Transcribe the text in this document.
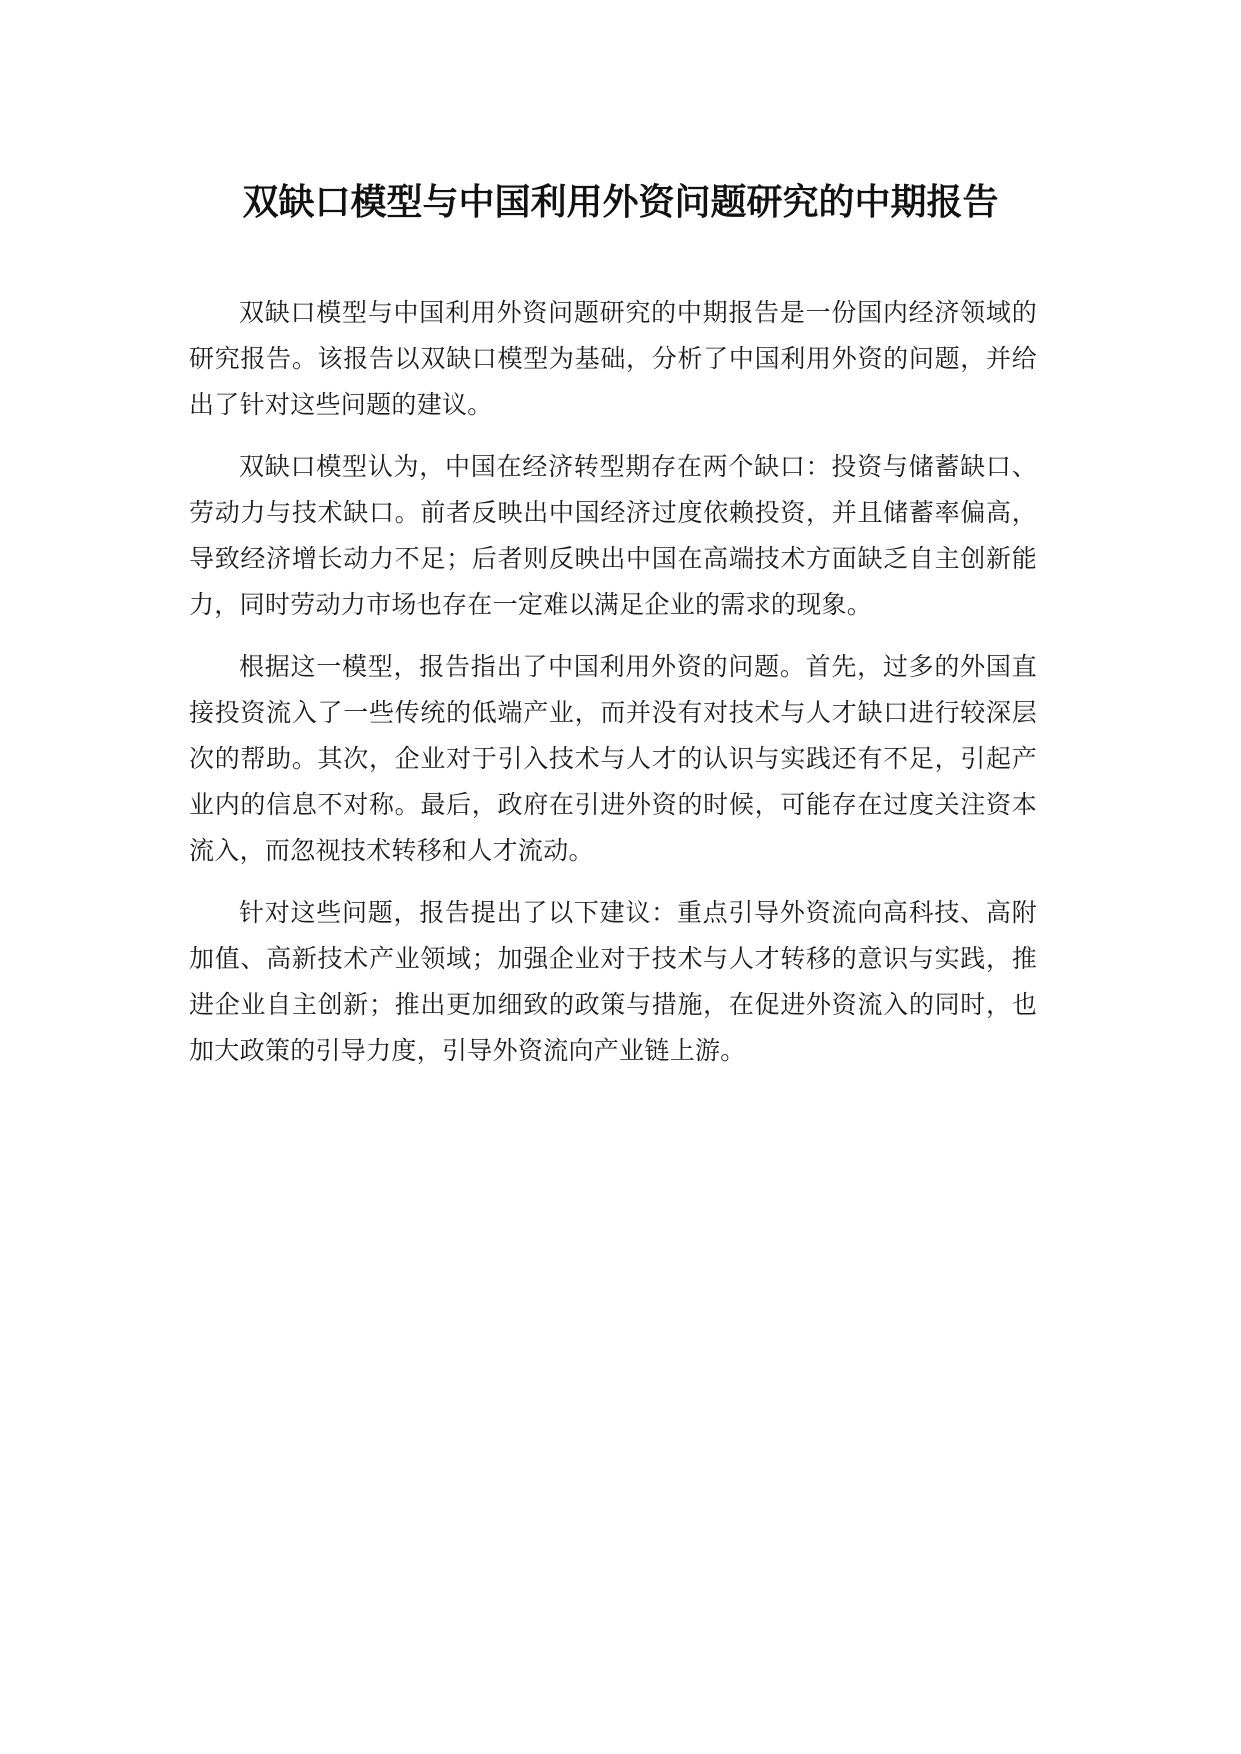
双缺口模型与中国利用外资问题研究的中期报告

双缺口模型与中国利用外资问题研究的中期报告是一份国内经济领域的研究报告。该报告以双缺口模型为基础，分析了中国利用外资的问题，并给出了针对这些问题的建议。

双缺口模型认为，中国在经济转型期存在两个缺口：投资与储蓄缺口、劳动力与技术缺口。前者反映出中国经济过度依赖投资，并且储蓄率偏高，导致经济增长动力不足；后者则反映出中国在高端技术方面缺乏自主创新能力，同时劳动力市场也存在一定难以满足企业的需求的现象。

根据这一模型，报告指出了中国利用外资的问题。首先，过多的外国直接投资流入了一些传统的低端产业，而并没有对技术与人才缺口进行较深层次的帮助。其次，企业对于引入技术与人才的认识与实践还有不足，引起产业内的信息不对称。最后，政府在引进外资的时候，可能存在过度关注资本流入，而忽视技术转移和人才流动。

针对这些问题，报告提出了以下建议：重点引导外资流向高科技、高附加值、高新技术产业领域；加强企业对于技术与人才转移的意识与实践，推进企业自主创新；推出更加细致的政策与措施，在促进外资流入的同时，也加大政策的引导力度，引导外资流向产业链上游。
